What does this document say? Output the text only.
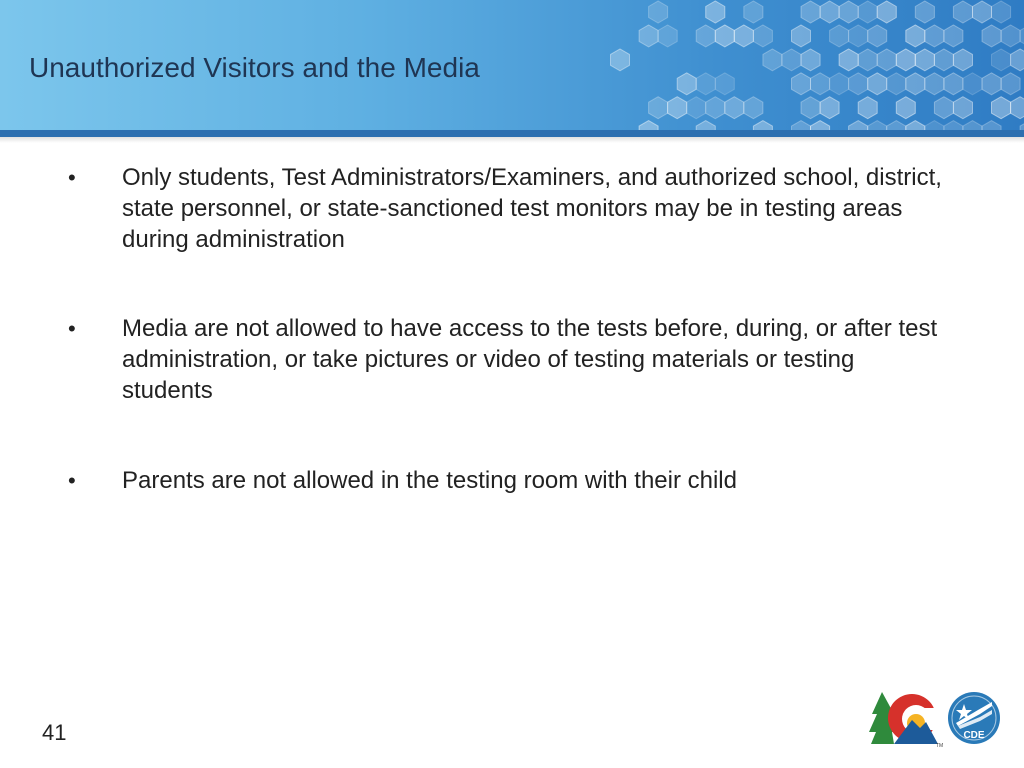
Unauthorized Visitors and the Media
• Only students, Test Administrators/Examiners, and authorized school, district, state personnel, or state-sanctioned test monitors may be in testing areas during administration
• Media are not allowed to have access to the tests before, during, or after test administration, or take pictures or video of testing materials or testing students
• Parents are not allowed in the testing room with their child
41
TM
CDE
